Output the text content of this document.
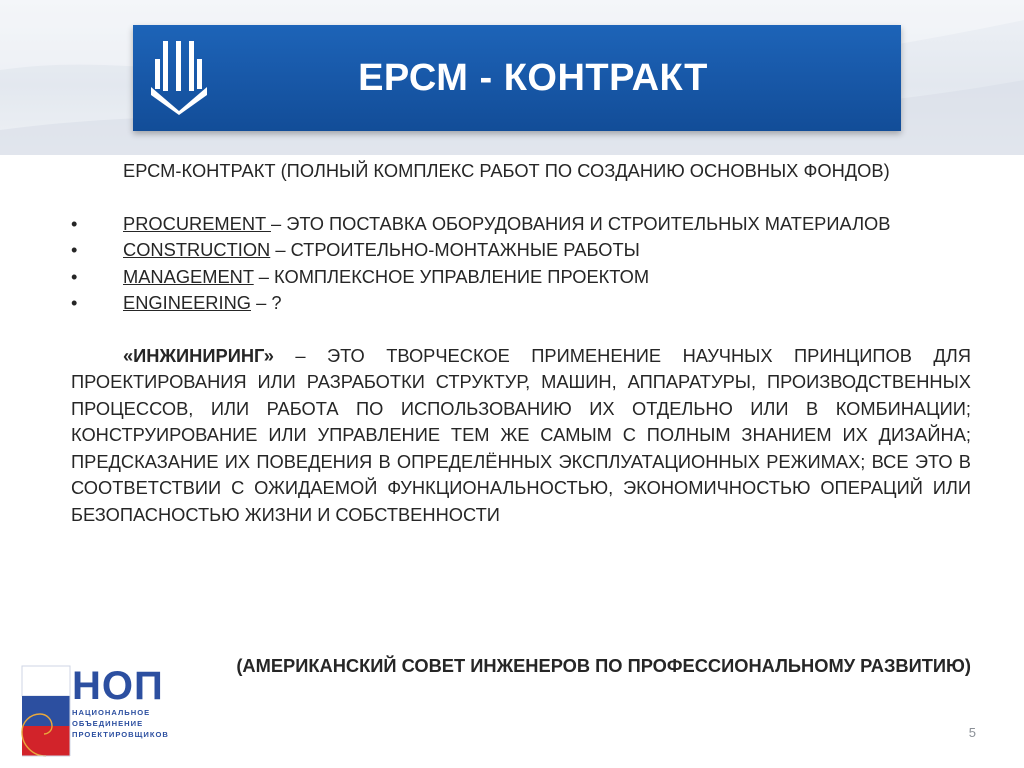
ЕРСМ - КОНТРАКТ

ЕРСМ-КОНТРАКТ (ПОЛНЫЙ КОМПЛЕКС РАБОТ ПО СОЗДАНИЮ ОСНОВНЫХ ФОНДОВ)

•	PROCUREMENT – ЭТО ПОСТАВКА ОБОРУДОВАНИЯ И СТРОИТЕЛЬНЫХ МАТЕРИАЛОВ

•	CONSTRUCTION – СТРОИТЕЛЬНО-МОНТАЖНЫЕ РАБОТЫ

•	MANAGEMENT – КОМПЛЕКСНОЕ УПРАВЛЕНИЕ ПРОЕКТОМ

•	ENGINEERING – ?

«ИНЖИНИРИНГ» – ЭТО ТВОРЧЕСКОЕ ПРИМЕНЕНИЕ НАУЧНЫХ ПРИНЦИПОВ ДЛЯ ПРОЕКТИРОВАНИЯ ИЛИ РАЗРАБОТКИ СТРУКТУР, МАШИН, АППАРАТУРЫ, ПРОИЗВОДСТВЕННЫХ ПРОЦЕССОВ, ИЛИ РАБОТА ПО ИСПОЛЬЗОВАНИЮ ИХ ОТДЕЛЬНО ИЛИ В КОМБИНАЦИИ; КОНСТРУИРОВАНИЕ ИЛИ УПРАВЛЕНИЕ ТЕМ ЖЕ САМЫМ С ПОЛНЫМ ЗНАНИЕМ ИХ ДИЗАЙНА; ПРЕДСКАЗАНИЕ ИХ ПОВЕДЕНИЯ В ОПРЕДЕЛЁННЫХ ЭКСПЛУАТАЦИОННЫХ РЕЖИМАХ; ВСЕ ЭТО В СООТВЕТСТВИИ С ОЖИДАЕМОЙ ФУНКЦИОНАЛЬНОСТЬЮ, ЭКОНОМИЧНОСТЬЮ ОПЕРАЦИЙ ИЛИ БЕЗОПАСНОСТЬЮ ЖИЗНИ И СОБСТВЕННОСТИ

(АМЕРИКАНСКИЙ СОВЕТ ИНЖЕНЕРОВ ПО ПРОФЕССИОНАЛЬНОМУ РАЗВИТИЮ)
НОП
НАЦИОНАЛЬНОЕ
ОБЪЕДИНЕНИЕ
ПРОЕКТИРОВЩИКОВ	5
